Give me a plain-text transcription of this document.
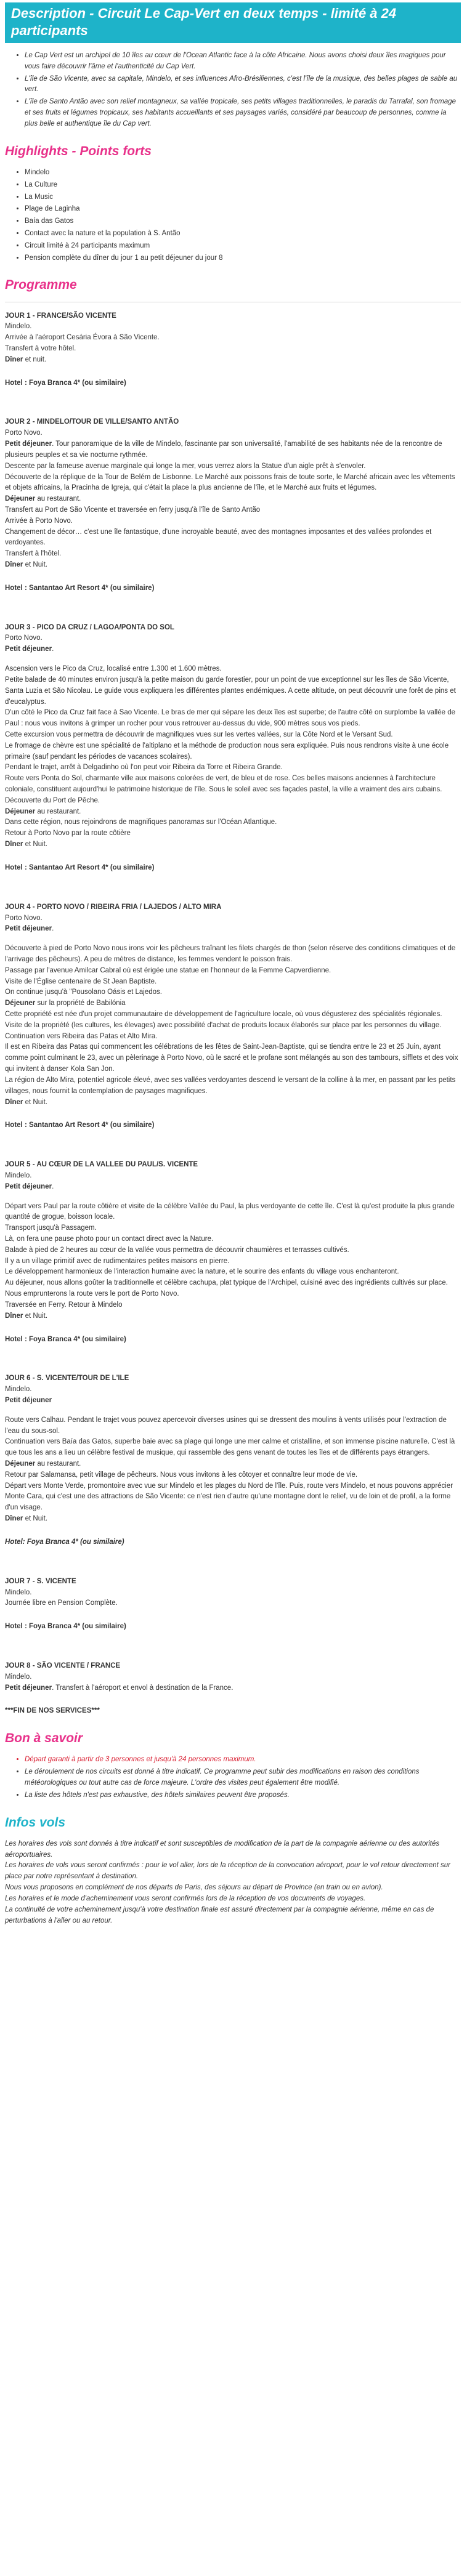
Description - Circuit Le Cap-Vert en deux temps - limité à 24 participants
• Le Cap Vert est un archipel de 10 îles au cœur de l'Ocean Atlantic face à la côte Africaine. Nous avons choisi deux îles magiques pour vous faire découvrir l'âme et l'authenticité du Cap Vert.
• L'île de São Vicente, avec sa capitale, Mindelo, et ses influences Afro-Brésiliennes, c'est l'île de la musique, des belles plages de sable au vert.
• L'île de Santo Antão avec son relief montagneux, sa vallée tropicale, ses petits villages traditionnelles, le paradis du Tarrafal, son fromage et ses fruits et légumes tropicaux, ses habitants accueillants et ses paysages variés, considéré par beaucoup de personnes, comme la plus belle et authentique île du Cap vert.
Highlights - Points forts
• Mindelo
• La Culture
• La Music
• Plage de Laginha
• Baía das Gatos
• Contact avec la nature et la population à S. Antão
• Circuit limité à 24 participants maximum
• Pension complète du dîner du jour 1 au petit déjeuner du jour 8
Programme

JOUR 1 - FRANCE/SÃO VICENTE

Mindelo.

Arrivée à l'aéroport Cesária Évora à São Vicente.

Transfert à votre hôtel.

Dîner et nuit.

Hotel : Foya Branca 4* (ou similaire)

JOUR 2 - MINDELO/TOUR DE VILLE/SANTO ANTÃO

Porto Novo.

Petit déjeuner. Tour panoramique de la ville de Mindelo, fascinante par son universalité, l'amabilité de ses habitants née de la rencontre de plusieurs peuples et sa vie nocturne rythmée.

Descente par la fameuse avenue marginale qui longe la mer, vous verrez alors la Statue d'un aigle prêt à s'envoler.

Découverte de la réplique de la Tour de Belém de Lisbonne. Le Marché aux poissons frais de toute sorte, le Marché africain avec les vêtements et objets africains, la Pracinha de Igreja, qui c'était la place la plus ancienne de l'île, et le Marché aux fruits et légumes.

Déjeuner au restaurant.

Transfert au Port de São Vicente et traversée en ferry jusqu'à l'île de Santo Antão

Arrivée à Porto Novo.

Changement de décor… c'est une île fantastique, d'une incroyable beauté, avec des montagnes imposantes et des vallées profondes et verdoyantes.

Transfert à l'hôtel.

Dîner et Nuit.

Hotel : Santantao Art Resort 4* (ou similaire)

JOUR 3 - PICO DA CRUZ / LAGOA/PONTA DO SOL

Porto Novo.

Petit déjeuner.

Ascension vers le Pico da Cruz, localisé entre 1.300 et 1.600 mètres.

Petite balade de 40 minutes environ jusqu'à la petite maison du garde forestier, pour un point de vue exceptionnel sur les îles de São Vicente, Santa Luzia et São Nicolau. Le guide vous expliquera les différentes plantes endémiques. A cette altitude, on peut découvrir une forêt de pins et d'eucalyptus.

D'un côté le Pico da Cruz fait face à Sao Vicente. Le bras de mer qui sépare les deux îles est superbe; de l'autre côté on surplombe la vallée de Paul : nous vous invitons à grimper un rocher pour vous retrouver au-dessus du vide, 900 mètres sous vos pieds.

Cette excursion vous permettra de découvrir de magnifiques vues sur les vertes vallées, sur la Côte Nord et le Versant Sud.

Le fromage de chèvre est une spécialité de l'altiplano et la méthode de production nous sera expliquée. Puis nous rendrons visite à une école primaire (sauf pendant les périodes de vacances scolaires).

Pendant le trajet, arrêt à Delgadinho où l'on peut voir Ribeira da Torre et Ribeira Grande.

Route vers Ponta do Sol, charmante ville aux maisons colorées de vert, de bleu et de rose. Ces belles maisons anciennes à l'architecture coloniale, constituent aujourd'hui le patrimoine historique de l'île. Sous le soleil avec ses façades pastel, la ville a vraiment des airs cubains.

Découverte du Port de Pêche.

Déjeuner au restaurant.

Dans cette région, nous rejoindrons de magnifiques panoramas sur l'Océan Atlantique.

Retour à Porto Novo par la route côtière

Dîner et Nuit.

Hotel : Santantao Art Resort 4* (ou similaire)

JOUR 4 - PORTO NOVO / RIBEIRA FRIA / LAJEDOS / ALTO MIRA

Porto Novo.

Petit déjeuner.

Découverte à pied de Porto Novo nous irons voir les pêcheurs traînant les filets chargés de thon (selon réserve des conditions climatiques et de l'arrivage des pêcheurs). A peu de mètres de distance, les femmes vendent le poisson frais.

Passage par l'avenue Amilcar Cabral où est érigée une statue en l'honneur de la Femme Capverdienne.

Visite de l'Église centenaire de St Jean Baptiste.

On continue jusqu'à "Pousolano Oásis et Lajedos.

Déjeuner sur la propriété de Babilónia

Cette propriété est née d'un projet communautaire de développement de l'agriculture locale, où vous dégusterez des spécialités régionales. Visite de la propriété (les cultures, les élevages) avec possibilité d'achat de produits locaux élaborés sur place par les personnes du village.

Continuation vers Ribeira das Patas et Alto Mira.

Il est en Ribeira das Patas qui commencent les célébrations de les fêtes de Saint-Jean-Baptiste, qui se tiendra entre le 23 et 25 Juin, ayant comme point culminant le 23, avec un pèlerinage à Porto Novo, où le sacré et le profane sont mélangés au son des tambours, sifflets et des voix qui invitent à danser Kola San Jon.

La région de Alto Mira, potentiel agricole élevé, avec ses vallées verdoyantes descend le versant de la colline à la mer, en passant par les petits villages, nous fournit la contemplation de paysages magnifiques.

Dîner et Nuit.

Hotel : Santantao Art Resort 4* (ou similaire)

JOUR 5 - AU CŒUR DE LA VALLEE DU PAUL/S. VICENTE

Mindelo.

Petit déjeuner.

Départ vers Paul par la route côtière et visite de la célèbre Vallée du Paul, la plus verdoyante de cette île. C'est là qu'est produite la plus grande quantité de grogue, boisson locale.

Transport jusqu'à Passagem.

Là, on fera une pause photo pour un contact direct avec la Nature.

Balade à pied de 2 heures au cœur de la vallée vous permettra de découvrir chaumières et terrasses cultivés.

Il y a un village primitif avec de rudimentaires petites maisons en pierre.

Le développement harmonieux de l'interaction humaine avec la nature, et le sourire des enfants du village vous enchanteront.

Au déjeuner, nous allons goûter la traditionnelle et célèbre cachupa, plat typique de l'Archipel, cuisiné avec des ingrédients cultivés sur place.

Nous emprunterons la route vers le port de Porto Novo.

Traversée en Ferry. Retour à Mindelo

Dîner et Nuit.

Hotel : Foya Branca 4* (ou similaire)

JOUR 6 - S. VICENTE/TOUR DE L'ILE

Mindelo.

Petit déjeuner

Route vers Calhau. Pendant le trajet vous pouvez apercevoir diverses usines qui se dressent des moulins à vents utilisés pour l'extraction de l'eau du sous-sol.

Continuation vers Baía das Gatos, superbe baie avec sa plage qui longe une mer calme et cristalline, et son immense piscine naturelle. C'est là que tous les ans a lieu un célèbre festival de musique, qui rassemble des gens venant de toutes les îles et de différents pays étrangers.

Déjeuner au restaurant.

Retour par Salamansa, petit village de pêcheurs. Nous vous invitons à les côtoyer et connaître leur mode de vie.

Départ vers Monte Verde, promontoire avec vue sur Mindelo et les plages du Nord de l'île. Puis, route vers Mindelo, et nous pouvons apprécier Monte Cara, qui c'est une des attractions de São Vicente: ce n'est rien d'autre qu'une montagne dont le relief, vu de loin et de profil, a la forme d'un visage.

Dîner et Nuit.

Hotel: Foya Branca 4* (ou similaire)

JOUR 7 - S. VICENTE

Mindelo.

Journée libre en Pension Complète.

Hotel : Foya Branca 4* (ou similaire)

JOUR 8 - SÃO VICENTE / FRANCE

Mindelo.

Petit déjeuner. Transfert à l'aéroport et envol à destination de la France.

***FIN DE NOS SERVICES***

Bon à savoir
• Départ garanti à partir de 3 personnes et jusqu'à 24 personnes maximum.
• Le déroulement de nos circuits est donné à titre indicatif. Ce programme peut subir des modifications en raison des conditions météorologiques ou tout autre cas de force majeure. L'ordre des visites peut également être modifié.
• La liste des hôtels n'est pas exhaustive, des hôtels similaires peuvent être proposés.
Infos vols

Les horaires des vols sont donnés à titre indicatif et sont susceptibles de modification de la part de la compagnie aérienne ou des autorités aéroportuaires.

Les horaires de vols vous seront confirmés : pour le vol aller, lors de la réception de la convocation aéroport, pour le vol retour directement sur place par notre représentant à destination.

Nous vous proposons en complément de nos départs de Paris, des séjours au départ de Province (en train ou en avion).

Les horaires et le mode d'acheminement vous seront confirmés lors de la réception de vos documents de voyages.

La continuité de votre acheminement jusqu'à votre destination finale est assuré directement par la compagnie aérienne, même en cas de perturbations à l'aller ou au retour.
